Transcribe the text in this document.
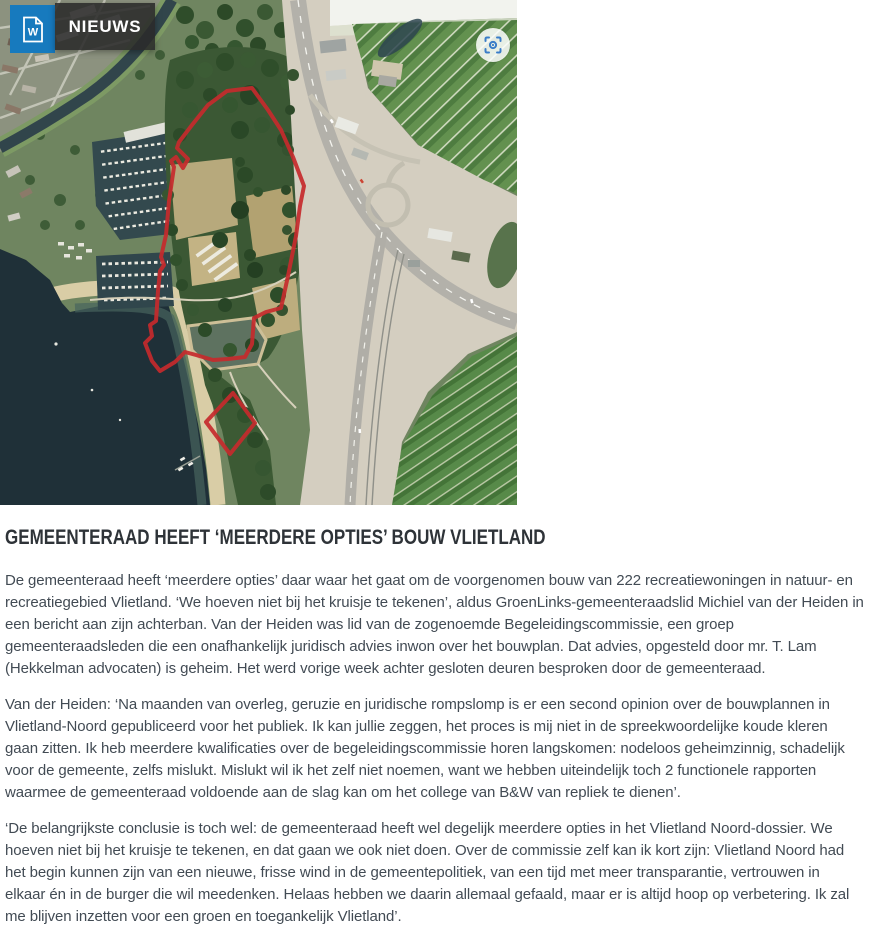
W NIEUWS
GEMEENTERAAD HEEFT ‘MEERDERE OPTIES’ BOUW VLIETLAND

De gemeenteraad heeft ‘meerdere opties’ daar waar het gaat om de voorgenomen bouw van 222 recreatiewoningen in natuur- en recreatiegebied Vlietland. ‘We hoeven niet bij het kruisje te tekenen’, aldus GroenLinks-gemeenteraadslid Michiel van der Heiden in een bericht aan zijn achterban. Van der Heiden was lid van de zogenoemde Begeleidingscommissie, een groep gemeenteraadsleden die een onafhankelijk juridisch advies inwon over het bouwplan. Dat advies, opgesteld door mr. T. Lam (Hekkelman advocaten) is geheim. Het werd vorige week achter gesloten deuren besproken door de gemeenteraad.

Van der Heiden: ‘Na maanden van overleg, geruzie en juridische rompslomp is er een second opinion over de bouwplannen in Vlietland-Noord gepubliceerd voor het publiek. Ik kan jullie zeggen, het proces is mij niet in de spreekwoordelijke koude kleren gaan zitten. Ik heb meerdere kwalificaties over de begeleidingscommissie horen langskomen: nodeloos geheimzinnig, schadelijk voor de gemeente, zelfs mislukt. Mislukt wil ik het zelf niet noemen, want we hebben uiteindelijk toch 2 functionele rapporten waarmee de gemeenteraad voldoende aan de slag kan om het college van B&W van repliek te dienen’.

‘De belangrijkste conclusie is toch wel: de gemeenteraad heeft wel degelijk meerdere opties in het Vlietland Noord-dossier. We hoeven niet bij het kruisje te tekenen, en dat gaan we ook niet doen. Over de commissie zelf kan ik kort zijn: Vlietland Noord had het begin kunnen zijn van een nieuwe, frisse wind in de gemeentepolitiek, van een tijd met meer transparantie, vertrouwen in elkaar én in de burger die wil meedenken. Helaas hebben we daarin allemaal gefaald, maar er is altijd hoop op verbetering. Ik zal me blijven inzetten voor een groen en toegankelijk Vlietland’.
